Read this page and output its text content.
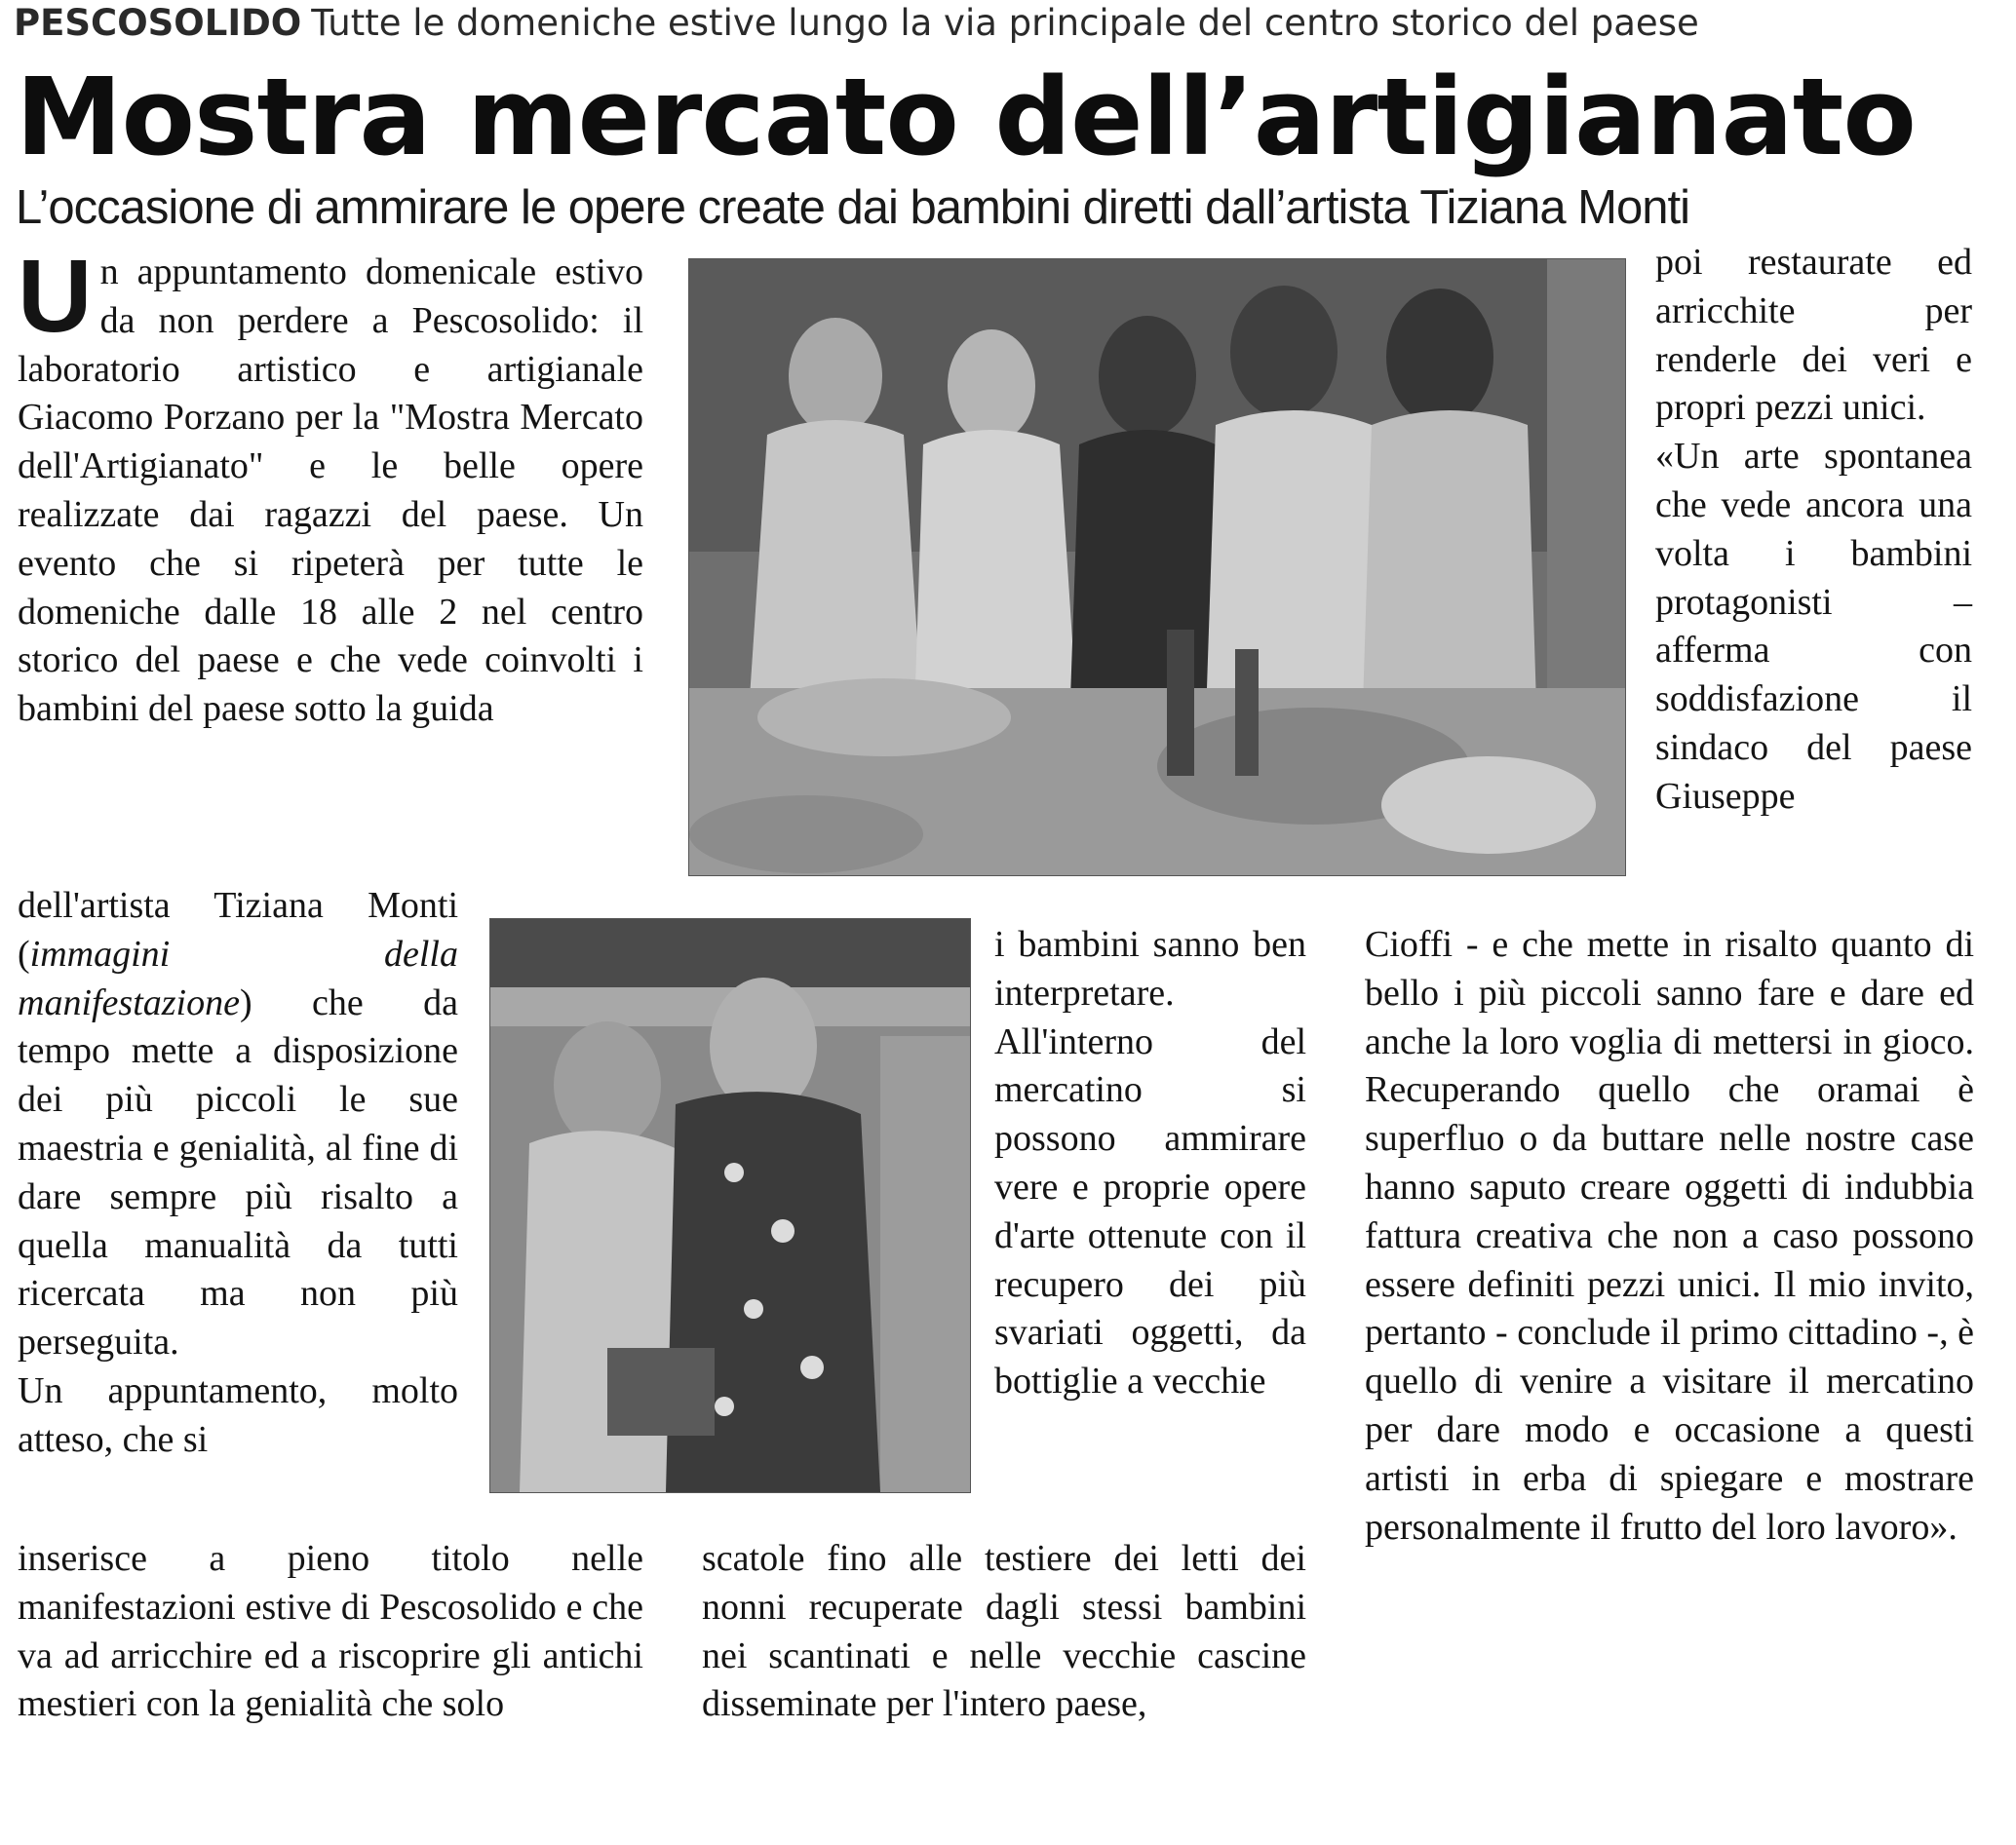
PESCOSOLIDO Tutte le domeniche estive lungo la via principale del centro storico del paese
Mostra mercato dell’artigianato
L’occasione di ammirare le opere create dai bambini diretti dall’artista Tiziana Monti

Un appuntamento domenicale estivo da non perdere a Pescosolido: il laboratorio artistico e artigianale Giacomo Porzano per la "Mostra Mercato dell'Artigianato" e le belle opere realizzate dai ragazzi del paese. Un evento che si ripeterà per tutte le domeniche dalle 18 alle 2 nel centro storico del paese e che vede coinvolti i bambini del paese sotto la guida

dell'artista Tiziana Monti (immagini della manifestazione) che da tempo mette a disposizione dei più piccoli le sue maestria e genialità, al fine di dare sempre più risalto a quella manualità da tutti ricercata ma non più perseguita.

Un appuntamento, molto atteso, che si

inserisce a pieno titolo nelle manifestazioni estive di Pescosolido e che va ad arricchire ed a riscoprire gli antichi mestieri con la genialità che solo

i bambini sanno ben interpretare. All'interno del mercatino si possono ammirare vere e proprie opere d'arte ottenute con il recupero dei più svariati oggetti, da bottiglie a vecchie

scatole fino alle testiere dei letti dei nonni recuperate dagli stessi bambini nei scantinati e nelle vecchie cascine disseminate per l'intero paese,

poi restaurate ed arricchite per renderle dei veri e propri pezzi unici.

«Un arte spontanea che vede ancora una volta i bambini protagonisti – afferma con soddisfazione il sindaco del paese Giuseppe

Cioffi - e che mette in risalto quanto di bello i più piccoli sanno fare e dare ed anche la loro voglia di mettersi in gioco. Recuperando quello che oramai è superfluo o da buttare nelle nostre case hanno saputo creare oggetti di indubbia fattura creativa che non a caso possono essere definiti pezzi unici. Il mio invito, pertanto - conclude il primo cittadino -, è quello di venire a visitare il mercatino per dare modo e occasione a questi artisti in erba di spiegare e mostrare personalmente il frutto del loro lavoro».
